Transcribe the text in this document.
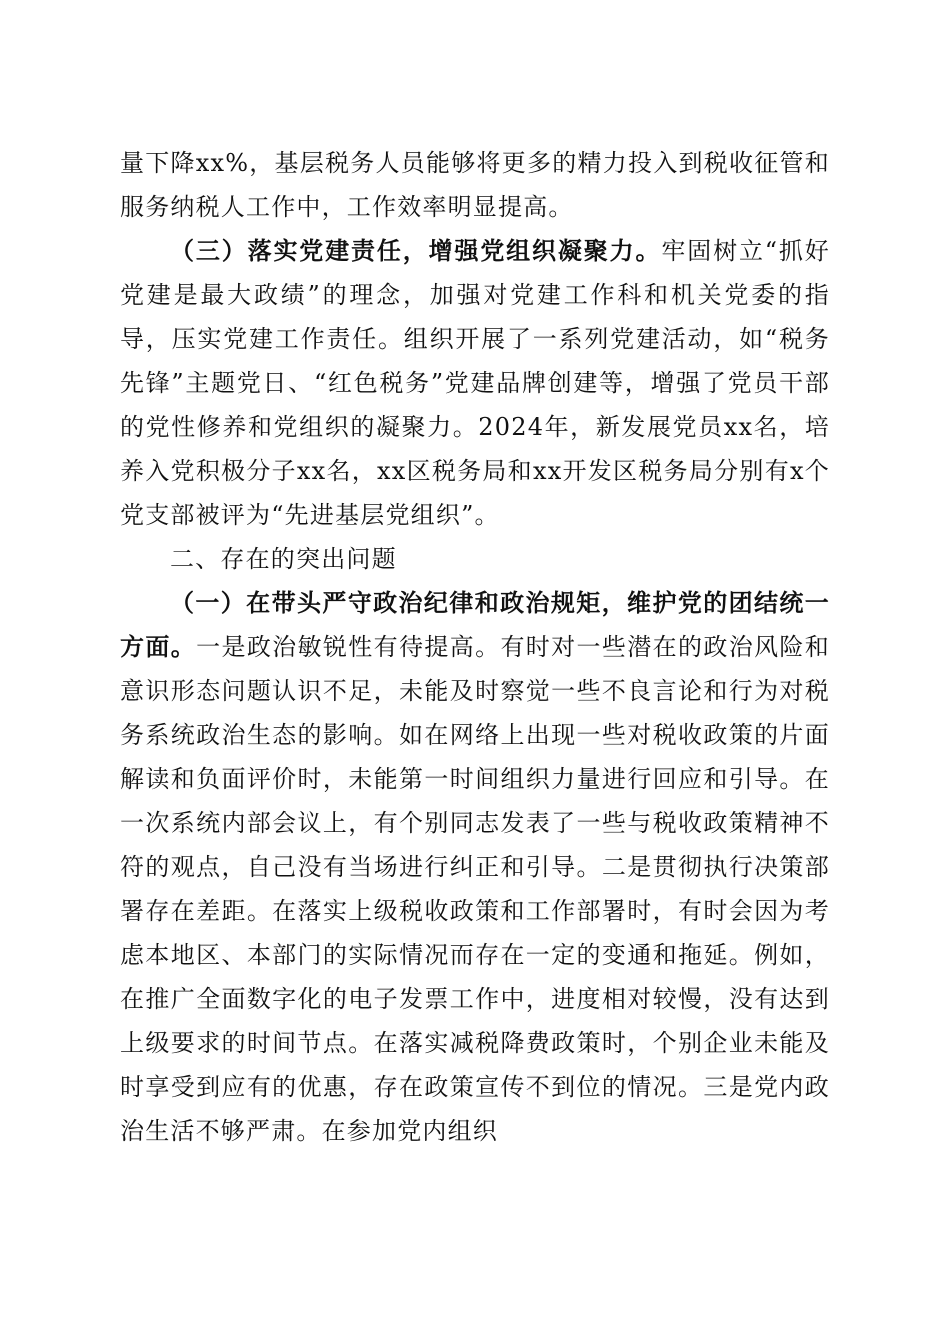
量下降xx%，基层税务人员能够将更多的精力投入到税收征管和服务纳税人工作中，工作效率明显提高。

（三）落实党建责任，增强党组织凝聚力。牢固树立“抓好党建是最大政绩”的理念，加强对党建工作科和机关党委的指导，压实党建工作责任。组织开展了一系列党建活动，如“税务先锋”主题党日、“红色税务”党建品牌创建等，增强了党员干部的党性修养和党组织的凝聚力。2024年，新发展党员xx名，培养入党积极分子xx名，xx区税务局和xx开发区税务局分别有x个党支部被评为“先进基层党组织”。

二、存在的突出问题

（一）在带头严守政治纪律和政治规矩，维护党的团结统一方面。一是政治敏锐性有待提高。有时对一些潜在的政治风险和意识形态问题认识不足，未能及时察觉一些不良言论和行为对税务系统政治生态的影响。如在网络上出现一些对税收政策的片面解读和负面评价时，未能第一时间组织力量进行回应和引导。在一次系统内部会议上，有个别同志发表了一些与税收政策精神不符的观点，自己没有当场进行纠正和引导。二是贯彻执行决策部署存在差距。在落实上级税收政策和工作部署时，有时会因为考虑本地区、本部门的实际情况而存在一定的变通和拖延。例如，在推广全面数字化的电子发票工作中，进度相对较慢，没有达到上级要求的时间节点。在落实减税降费政策时，个别企业未能及时享受到应有的优惠，存在政策宣传不到位的情况。三是党内政治生活不够严肃。在参加党内组织
